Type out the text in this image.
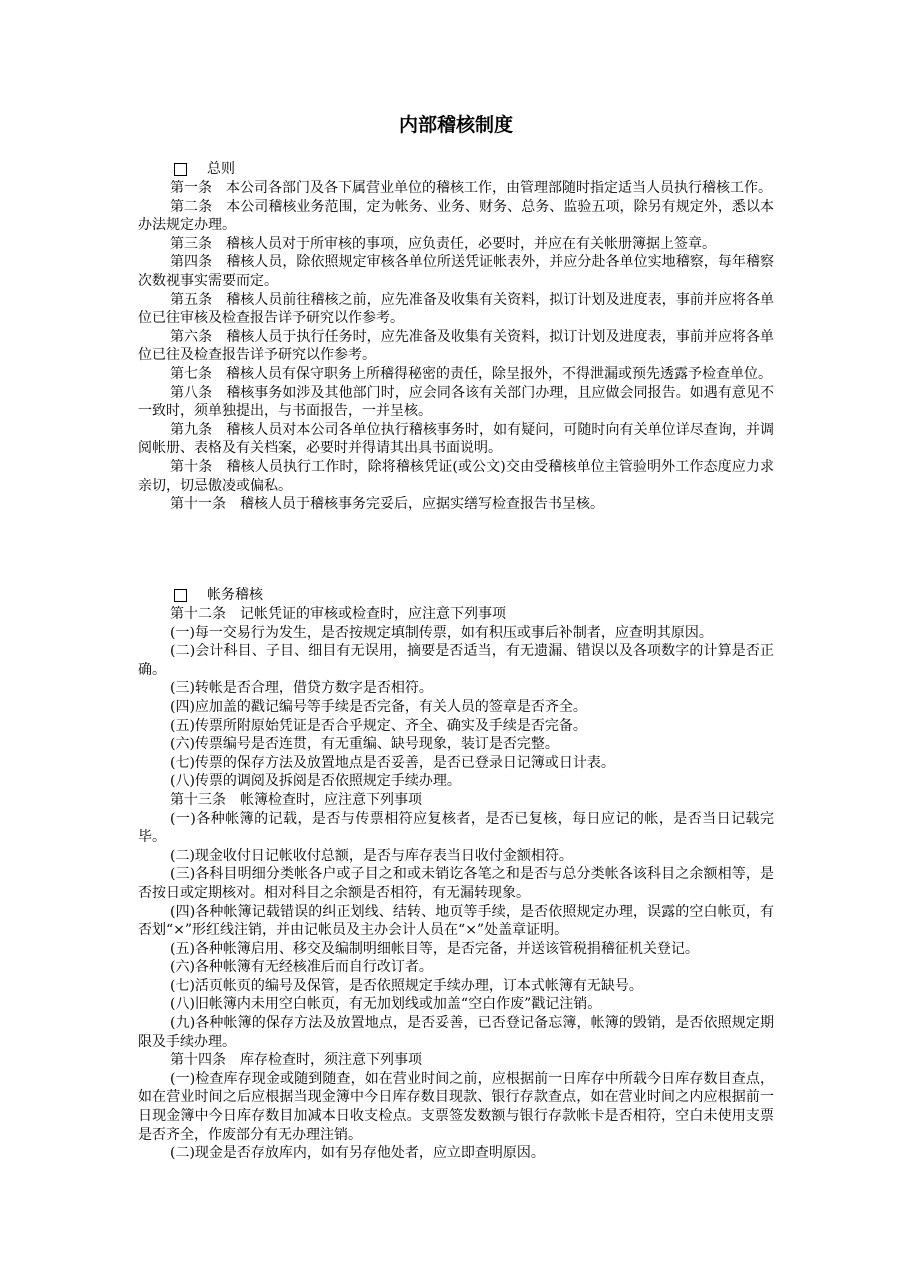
内部稽核制度
总则

第一条　本公司各部门及各下属营业单位的稽核工作，由管理部随时指定适当人员执行稽核工作。

第二条　本公司稽核业务范围，定为帐务、业务、财务、总务、监验五项，除另有规定外，悉以本办法规定办理。

第三条　稽核人员对于所审核的事项，应负责任，必要时，并应在有关帐册簿据上签章。

第四条　稽核人员，除依照规定审核各单位所送凭证帐表外，并应分赴各单位实地稽察，每年稽察次数视事实需要而定。

第五条　稽核人员前往稽核之前，应先准备及收集有关资料，拟订计划及进度表，事前并应将各单位已往审核及检查报告详予研究以作参考。

第六条　稽核人员于执行任务时，应先准备及收集有关资料，拟订计划及进度表，事前并应将各单位已往及检查报告详予研究以作参考。

第七条　稽核人员有保守职务上所稽得秘密的责任，除呈报外，不得泄漏或预先透露予检查单位。

第八条　稽核事务如涉及其他部门时，应会同各该有关部门办理，且应做会同报告。如遇有意见不一致时，须单独提出，与书面报告，一并呈核。

第九条　稽核人员对本公司各单位执行稽核事务时，如有疑问，可随时向有关单位详尽查询，并调阅帐册、表格及有关档案，必要时并得请其出具书面说明。

第十条　稽核人员执行工作时，除将稽核凭证(或公文)交由受稽核单位主管验明外工作态度应力求亲切，切忌傲凌或偏私。

第十一条　稽核人员于稽核事务完妥后，应据实缮写检查报告书呈核。

帐务稽核

第十二条　记帐凭证的审核或检查时，应注意下列事项

(一)每一交易行为发生，是否按规定填制传票，如有积压或事后补制者，应查明其原因。

(二)会计科目、子目、细目有无误用，摘要是否适当，有无遗漏、错误以及各项数字的计算是否正确。

(三)转帐是否合理，借贷方数字是否相符。

(四)应加盖的戳记编号等手续是否完备，有关人员的签章是否齐全。

(五)传票所附原始凭证是否合乎规定、齐全、确实及手续是否完备。

(六)传票编号是否连贯，有无重编、缺号现象，装订是否完整。

(七)传票的保存方法及放置地点是否妥善，是否已登录日记簿或日计表。

(八)传票的调阅及拆阅是否依照规定手续办理。

第十三条　帐簿检查时，应注意下列事项

(一)各种帐簿的记载，是否与传票相符应复核者，是否已复核，每日应记的帐，是否当日记载完毕。

(二)现金收付日记帐收付总额，是否与库存表当日收付金额相符。

(三)各科目明细分类帐各户或子目之和或未销讫各笔之和是否与总分类帐各该科目之余额相等，是否按日或定期核对。相对科目之余额是否相符，有无漏转现象。

(四)各种帐簿记载错误的纠正划线、结转、地页等手续，是否依照规定办理，误露的空白帐页，有否划“×”形红线注销，并由记帐员及主办会计人员在“×”处盖章证明。

(五)各种帐簿启用、移交及编制明细帐目等，是否完备，并送该管税捐稽征机关登记。

(六)各种帐簿有无经核准后而自行改订者。

(七)活页帐页的编号及保管，是否依照规定手续办理，订本式帐簿有无缺号。

(八)旧帐簿内未用空白帐页，有无加划线或加盖“空白作废”戳记注销。

(九)各种帐簿的保存方法及放置地点，是否妥善，已否登记备忘簿，帐簿的毁销，是否依照规定期限及手续办理。

第十四条　库存检查时，须注意下列事项

(一)检查库存现金或随到随查，如在营业时间之前，应根据前一日库存中所载今日库存数目查点，如在营业时间之后应根据当现金簿中今日库存数目现款、银行存款查点，如在营业时间之内应根据前一日现金簿中今日库存数目加减本日收支检点。支票签发数额与银行存款帐卡是否相符，空白未使用支票是否齐全，作废部分有无办理注销。

(二)现金是否存放库内，如有另存他处者，应立即查明原因。
